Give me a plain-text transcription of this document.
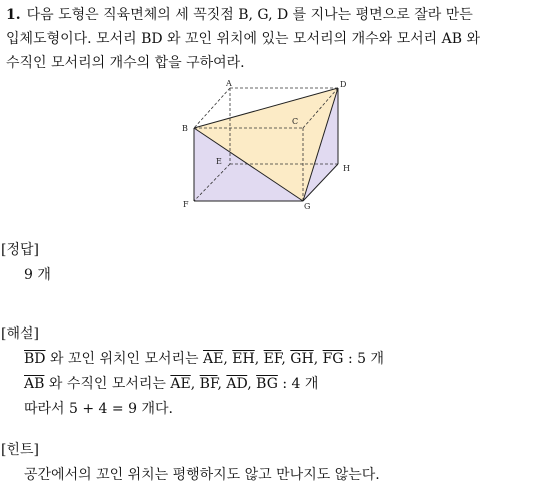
1. 다음 도형은 직육면체의 세 꼭짓점 B, G, D 를 지나는 평면으로 잘라 만든
입체도형이다. 모서리 BD 와 꼬인 위치에 있는 모서리의 개수와 모서리 AB 와
수직인 모서리의 개수의 합을 구하여라.
A	D
B
C
E
H
F	G
[정답]
9 개
[해설]
$\overline{BD}$ 와 꼬인 위치인 모서리는 $\overline{AE}$, $\overline{EH}$, $\overline{EF}$, $\overline{GH}$, $\overline{FG}$ : 5 개
$\overline{AB}$ 와 수직인 모서리는 $\overline{AE}$, $\overline{BF}$, $\overline{AD}$, $\overline{BG}$ : 4 개
따라서 5 + 4 = 9 개다.
[힌트]
공간에서의 꼬인 위치는 평행하지도 않고 만나지도 않는다.
